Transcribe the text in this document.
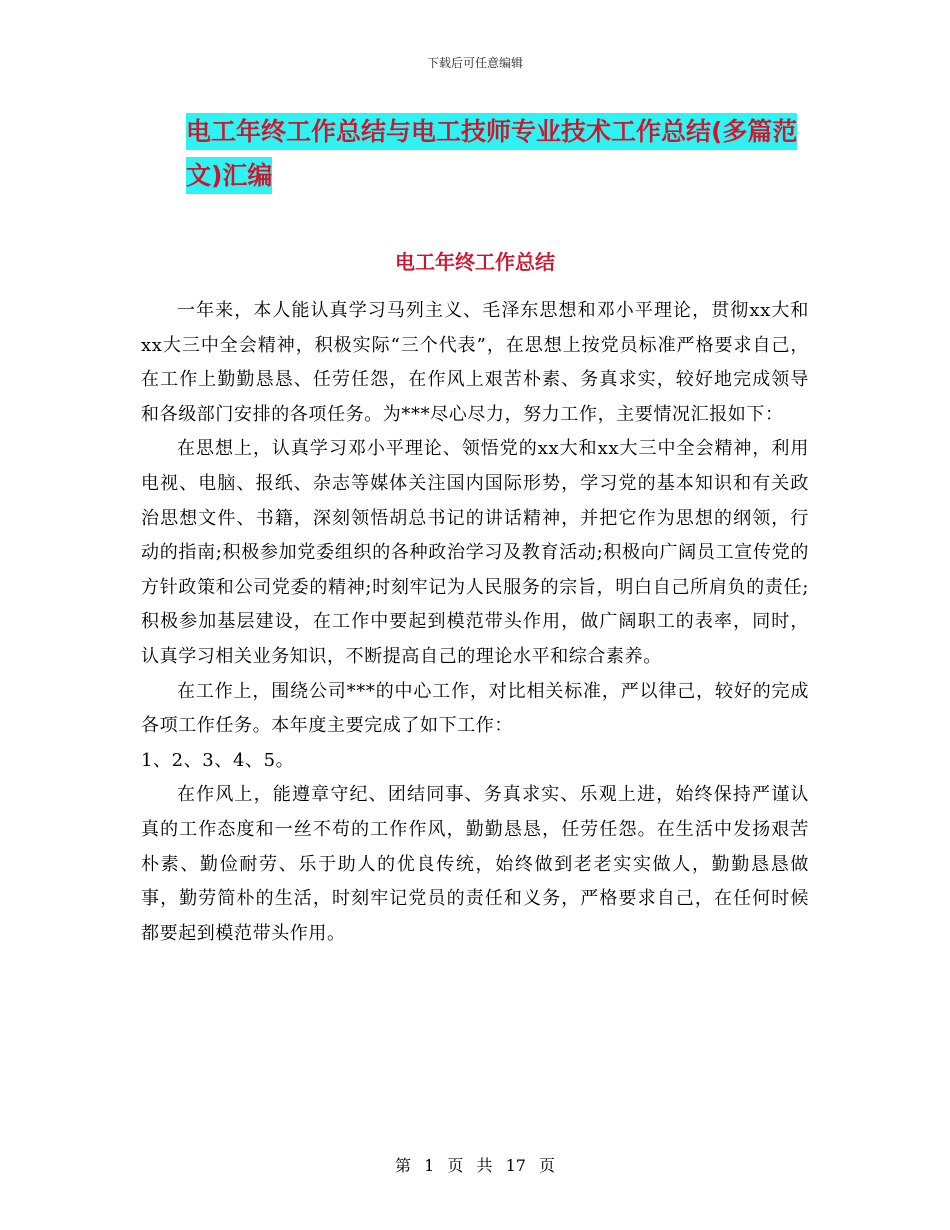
下载后可任意编辑
电工年终工作总结与电工技师专业技术工作总结(多篇范文)汇编
电工年终工作总结

一年来，本人能认真学习马列主义、毛泽东思想和邓小平理论，贯彻xx大和xx大三中全会精神，积极实际“三个代表”，在思想上按党员标准严格要求自己，在工作上勤勤恳恳、任劳任怨，在作风上艰苦朴素、务真求实，较好地完成领导和各级部门安排的各项任务。为***尽心尽力，努力工作，主要情况汇报如下：

在思想上，认真学习邓小平理论、领悟党的xx大和xx大三中全会精神，利用电视、电脑、报纸、杂志等媒体关注国内国际形势，学习党的基本知识和有关政治思想文件、书籍，深刻领悟胡总书记的讲话精神，并把它作为思想的纲领，行动的指南;积极参加党委组织的各种政治学习及教育活动;积极向广阔员工宣传党的方针政策和公司党委的精神;时刻牢记为人民服务的宗旨，明白自己所肩负的责任;积极参加基层建设，在工作中要起到模范带头作用，做广阔职工的表率，同时，认真学习相关业务知识，不断提高自己的理论水平和综合素养。

在工作上，围绕公司***的中心工作，对比相关标准，严以律己，较好的完成各项工作任务。本年度主要完成了如下工作：

1、2、3、4、5。

在作风上，能遵章守纪、团结同事、务真求实、乐观上进，始终保持严谨认真的工作态度和一丝不苟的工作作风，勤勤恳恳，任劳任怨。在生活中发扬艰苦朴素、勤俭耐劳、乐于助人的优良传统，始终做到老老实实做人，勤勤恳恳做事，勤劳简朴的生活，时刻牢记党员的责任和义务，严格要求自己，在任何时候都要起到模范带头作用。

第 1 页 共 17 页
